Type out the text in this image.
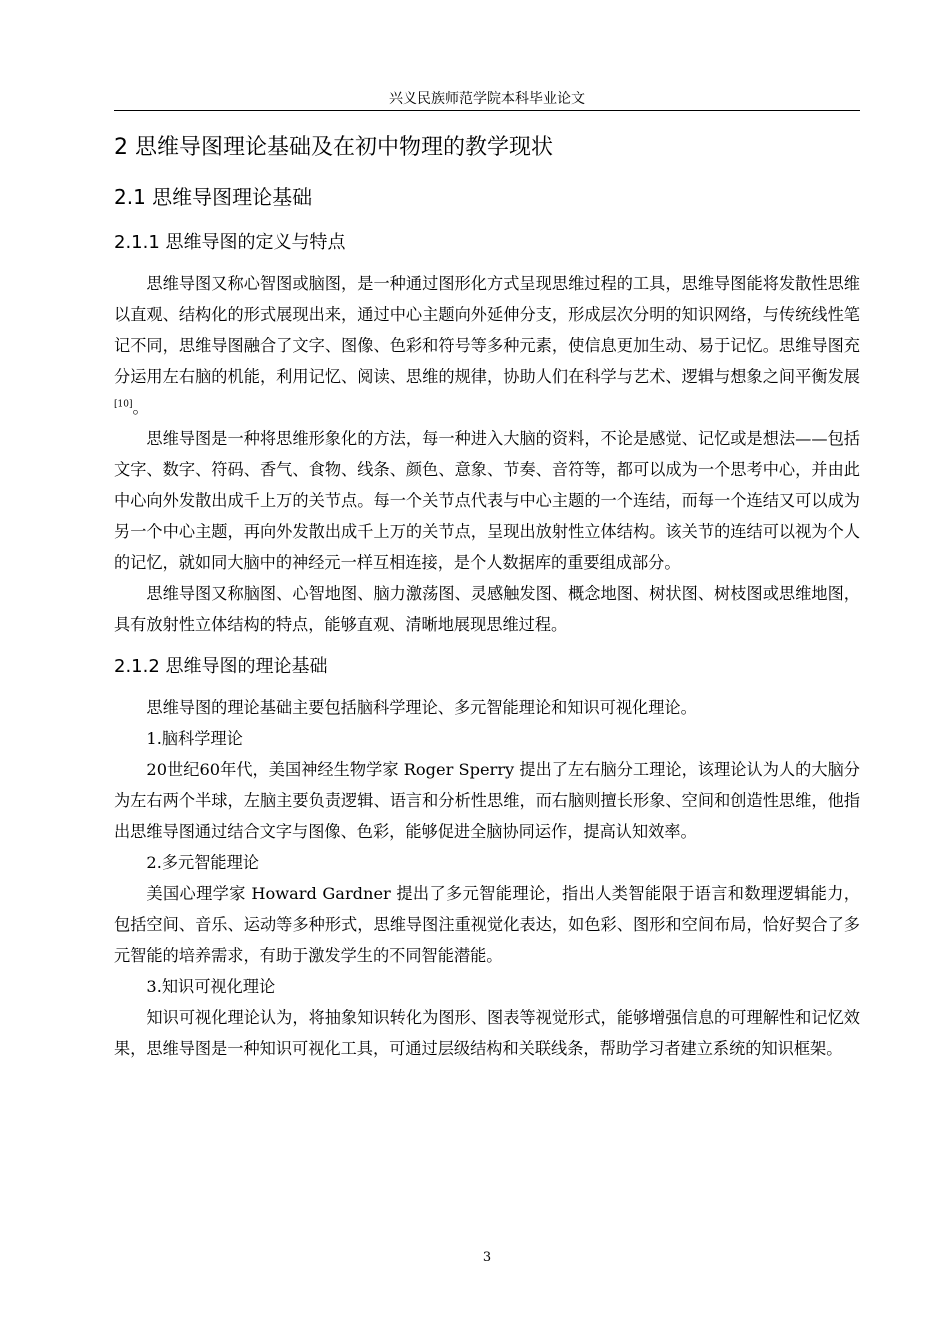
兴义民族师范学院本科毕业论文
2 思维导图理论基础及在初中物理的教学现状
2.1 思维导图理论基础
2.1.1 思维导图的定义与特点

思维导图又称心智图或脑图，是一种通过图形化方式呈现思维过程的工具，思维导图能将发散性思维以直观、结构化的形式展现出来，通过中心主题向外延伸分支，形成层次分明的知识网络，与传统线性笔记不同，思维导图融合了文字、图像、色彩和符号等多种元素，使信息更加生动、易于记忆。思维导图充分运用左右脑的机能，利用记忆、阅读、思维的规律，协助人们在科学与艺术、逻辑与想象之间平衡发展[10]。

思维导图是一种将思维形象化的方法，每一种进入大脑的资料，不论是感觉、记忆或是想法——包括文字、数字、符码、香气、食物、线条、颜色、意象、节奏、音符等，都可以成为一个思考中心，并由此中心向外发散出成千上万的关节点。每一个关节点代表与中心主题的一个连结，而每一个连结又可以成为另一个中心主题，再向外发散出成千上万的关节点，呈现出放射性立体结构。该关节的连结可以视为个人的记忆，就如同大脑中的神经元一样互相连接，是个人数据库的重要组成部分。

思维导图又称脑图、心智地图、脑力激荡图、灵感触发图、概念地图、树状图、树枝图或思维地图，具有放射性立体结构的特点，能够直观、清晰地展现思维过程。

2.1.2 思维导图的理论基础

思维导图的理论基础主要包括脑科学理论、多元智能理论和知识可视化理论。

1.脑科学理论

20世纪60年代，美国神经生物学家 Roger Sperry 提出了左右脑分工理论，该理论认为人的大脑分为左右两个半球，左脑主要负责逻辑、语言和分析性思维，而右脑则擅长形象、空间和创造性思维，他指出思维导图通过结合文字与图像、色彩，能够促进全脑协同运作，提高认知效率。

2.多元智能理论

美国心理学家 Howard Gardner 提出了多元智能理论，指出人类智能限于语言和数理逻辑能力，包括空间、音乐、运动等多种形式，思维导图注重视觉化表达，如色彩、图形和空间布局，恰好契合了多元智能的培养需求，有助于激发学生的不同智能潜能。

3.知识可视化理论

知识可视化理论认为，将抽象知识转化为图形、图表等视觉形式，能够增强信息的可理解性和记忆效果，思维导图是一种知识可视化工具，可通过层级结构和关联线条，帮助学习者建立系统的知识框架。

3
